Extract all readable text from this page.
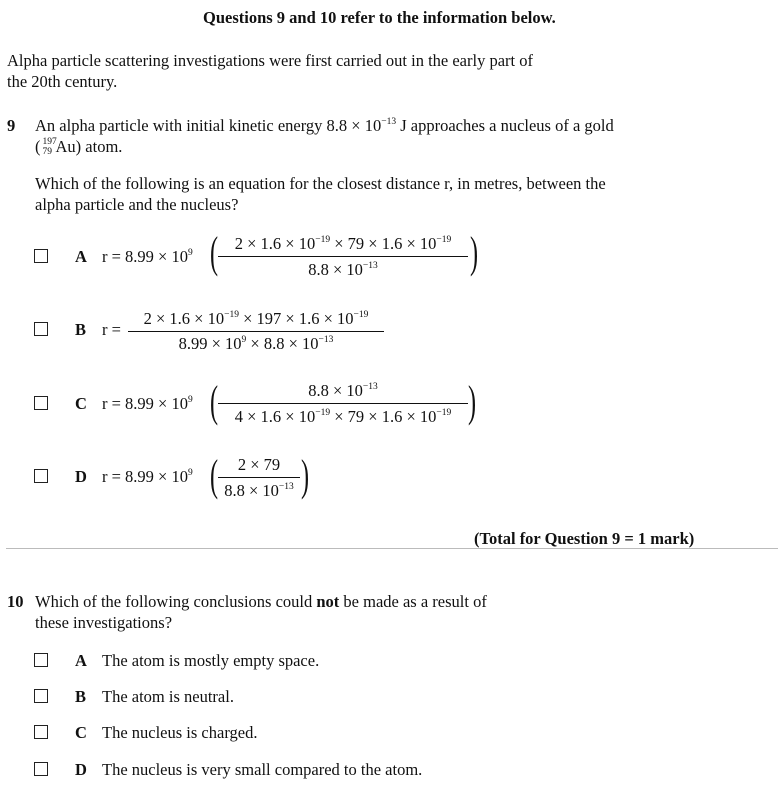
Questions 9 and 10 refer to the information below.
Alpha particle scattering investigations were first carried out in the early part of
the 20th century.
9 An alpha particle with initial kinetic energy $8.8 \times 10^{-13}$ J approaches a nucleus of a gold
( 197
79 Au) atom.
Which of the following is an equation for the closest distance r, in metres, between the
alpha particle and the nucleus?
A $r = 8.99 \times 10^9$ (	$2 \times 1.6 \times 10^{-19} \times 79 \times 1.6 \times 10^{-19}$
$8.8 \times 10^{-13}$	)
B r =
$2 \times 1.6 \times 10^{-19} \times 197 \times 1.6 \times 10^{-19}$
$8.99 \times 10^9 \times 8.8 \times 10^{-13}$
C $r = 8.99 \times 10^9$ (	$8.8 \times 10^{-13}$
$4 \times 1.6 \times 10^{-19} \times 79 \times 1.6 \times 10^{-19}$ )
D $r = 8.99 \times 10^9$ (	2 × 79
$8.8 \times 10^{-13}$ )
(Total for Question 9 = 1 mark)
10 Which of the following conclusions could not be made as a result of
these investigations?
A The atom is mostly empty space.
B The atom is neutral.
C The nucleus is charged.
D The nucleus is very small compared to the atom.
